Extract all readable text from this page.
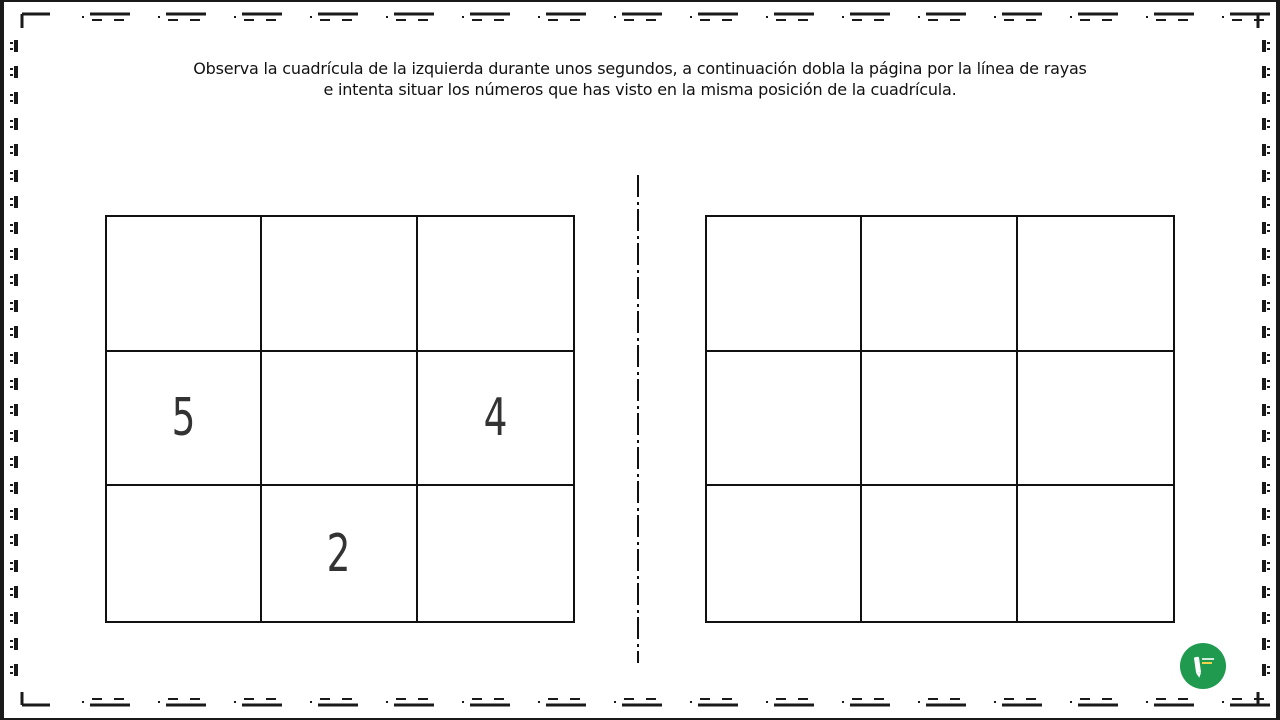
Observa la cuadrícula de la izquierda durante unos segundos, a continuación dobla la página por la línea de rayas
e intenta situar los números que has visto en la misma posición de la cuadrícula.
5	4
2
